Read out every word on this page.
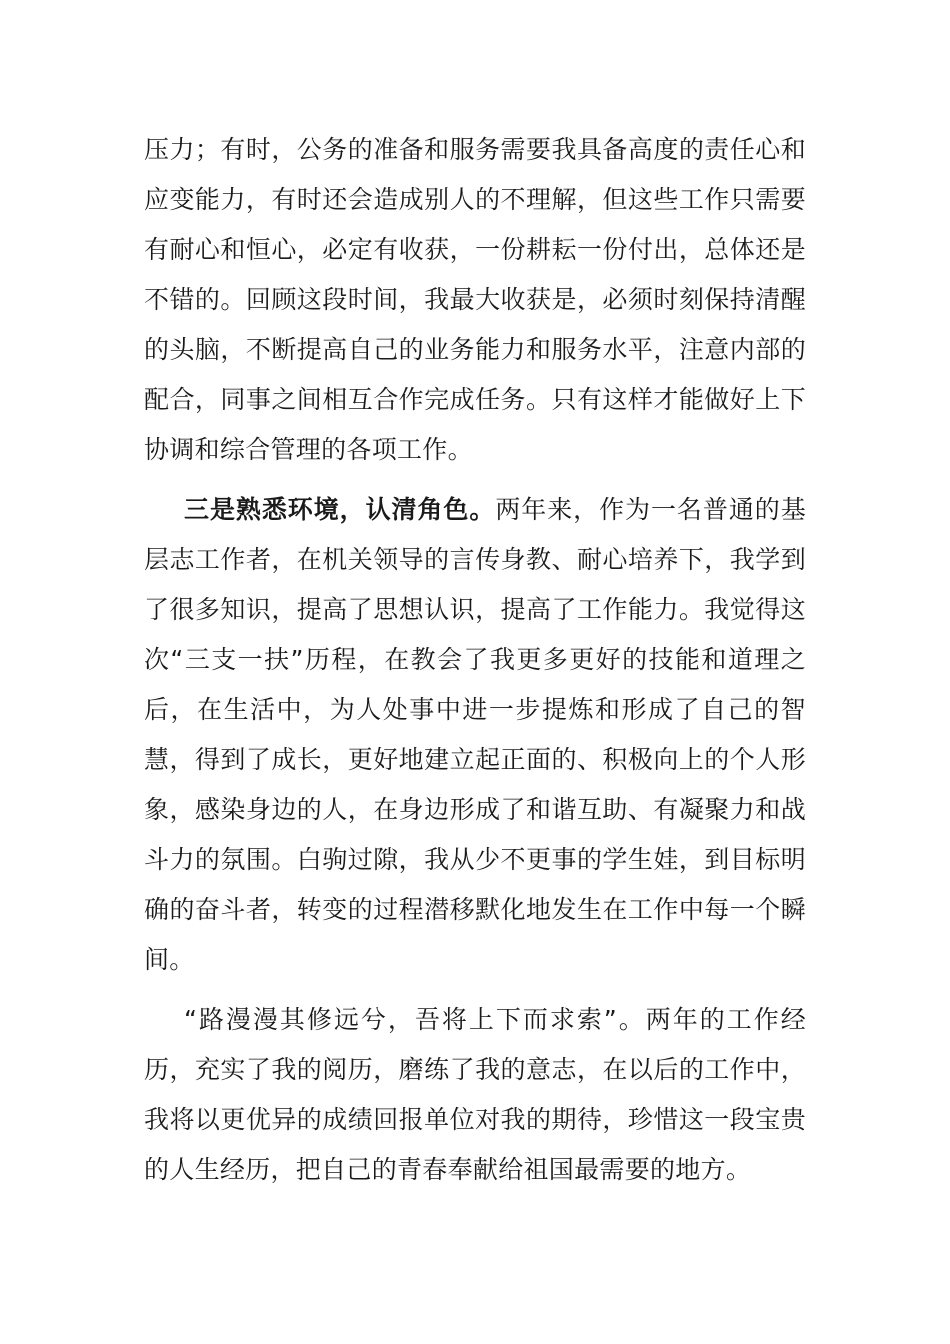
压力；有时，公务的准备和服务需要我具备高度的责任心和应变能力，有时还会造成别人的不理解，但这些工作只需要有耐心和恒心，必定有收获，一份耕耘一份付出，总体还是不错的。回顾这段时间，我最大收获是，必须时刻保持清醒的头脑，不断提高自己的业务能力和服务水平，注意内部的配合，同事之间相互合作完成任务。只有这样才能做好上下协调和综合管理的各项工作。

三是熟悉环境，认清角色。两年来，作为一名普通的基层志工作者，在机关领导的言传身教、耐心培养下，我学到了很多知识，提高了思想认识，提高了工作能力。我觉得这次“三支一扶”历程，在教会了我更多更好的技能和道理之后，在生活中，为人处事中进一步提炼和形成了自己的智慧，得到了成长，更好地建立起正面的、积极向上的个人形象，感染身边的人，在身边形成了和谐互助、有凝聚力和战斗力的氛围。白驹过隙，我从少不更事的学生娃，到目标明确的奋斗者，转变的过程潜移默化地发生在工作中每一个瞬间。

“路漫漫其修远兮，吾将上下而求索”。两年的工作经历，充实了我的阅历，磨练了我的意志，在以后的工作中，我将以更优异的成绩回报单位对我的期待，珍惜这一段宝贵的人生经历，把自己的青春奉献给祖国最需要的地方。
